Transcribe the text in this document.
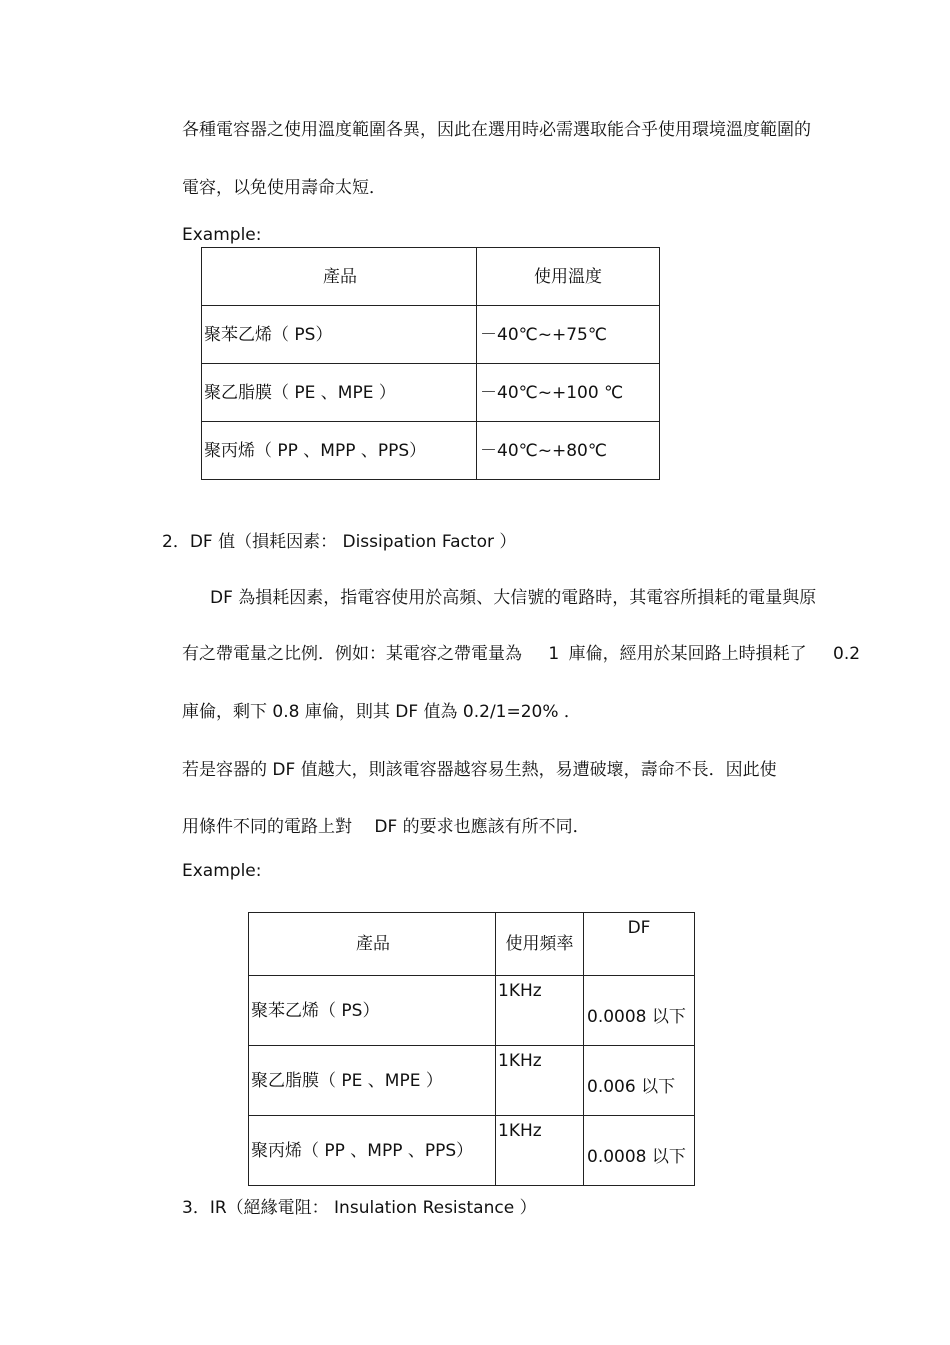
各種電容器之使用溫度範圍各異，因此在選用時必需選取能合乎使用環境溫度範圍的
電容，以免使用壽命太短．
Example:
產品	使用溫度
聚苯乙烯（ PS）	－40℃~+75℃
聚乙脂膜（ PE 、MPE ）	－40℃~+100 ℃
聚丙烯（ PP 、MPP 、PPS）	－40℃~+80℃
2．DF 值（損耗因素： Dissipation Factor ）
DF 為損耗因素，指電容使用於高頻、大信號的電路時，其電容所損耗的電量與原
有之帶電量之比例．例如：某電容之帶電量為 　1 庫倫，經用於某回路上時損耗了 　0.2
庫倫，剩下 0.8 庫倫，則其 DF 值為 0.2/1=20% ．
若是容器的 DF 值越大，則該電容器越容易生熱，易遭破壞，壽命不長．因此使
用條件不同的電路上對 　DF 的要求也應該有所不同．
Example:
產品	使用頻率	DF
聚苯乙烯（ PS）	1KHz	0.0008 以下
聚乙脂膜（ PE 、MPE ）	1KHz	0.006 以下
聚丙烯（ PP 、MPP 、PPS）	1KHz	0.0008 以下
3．IR（絕緣電阻： Insulation Resistance ）
